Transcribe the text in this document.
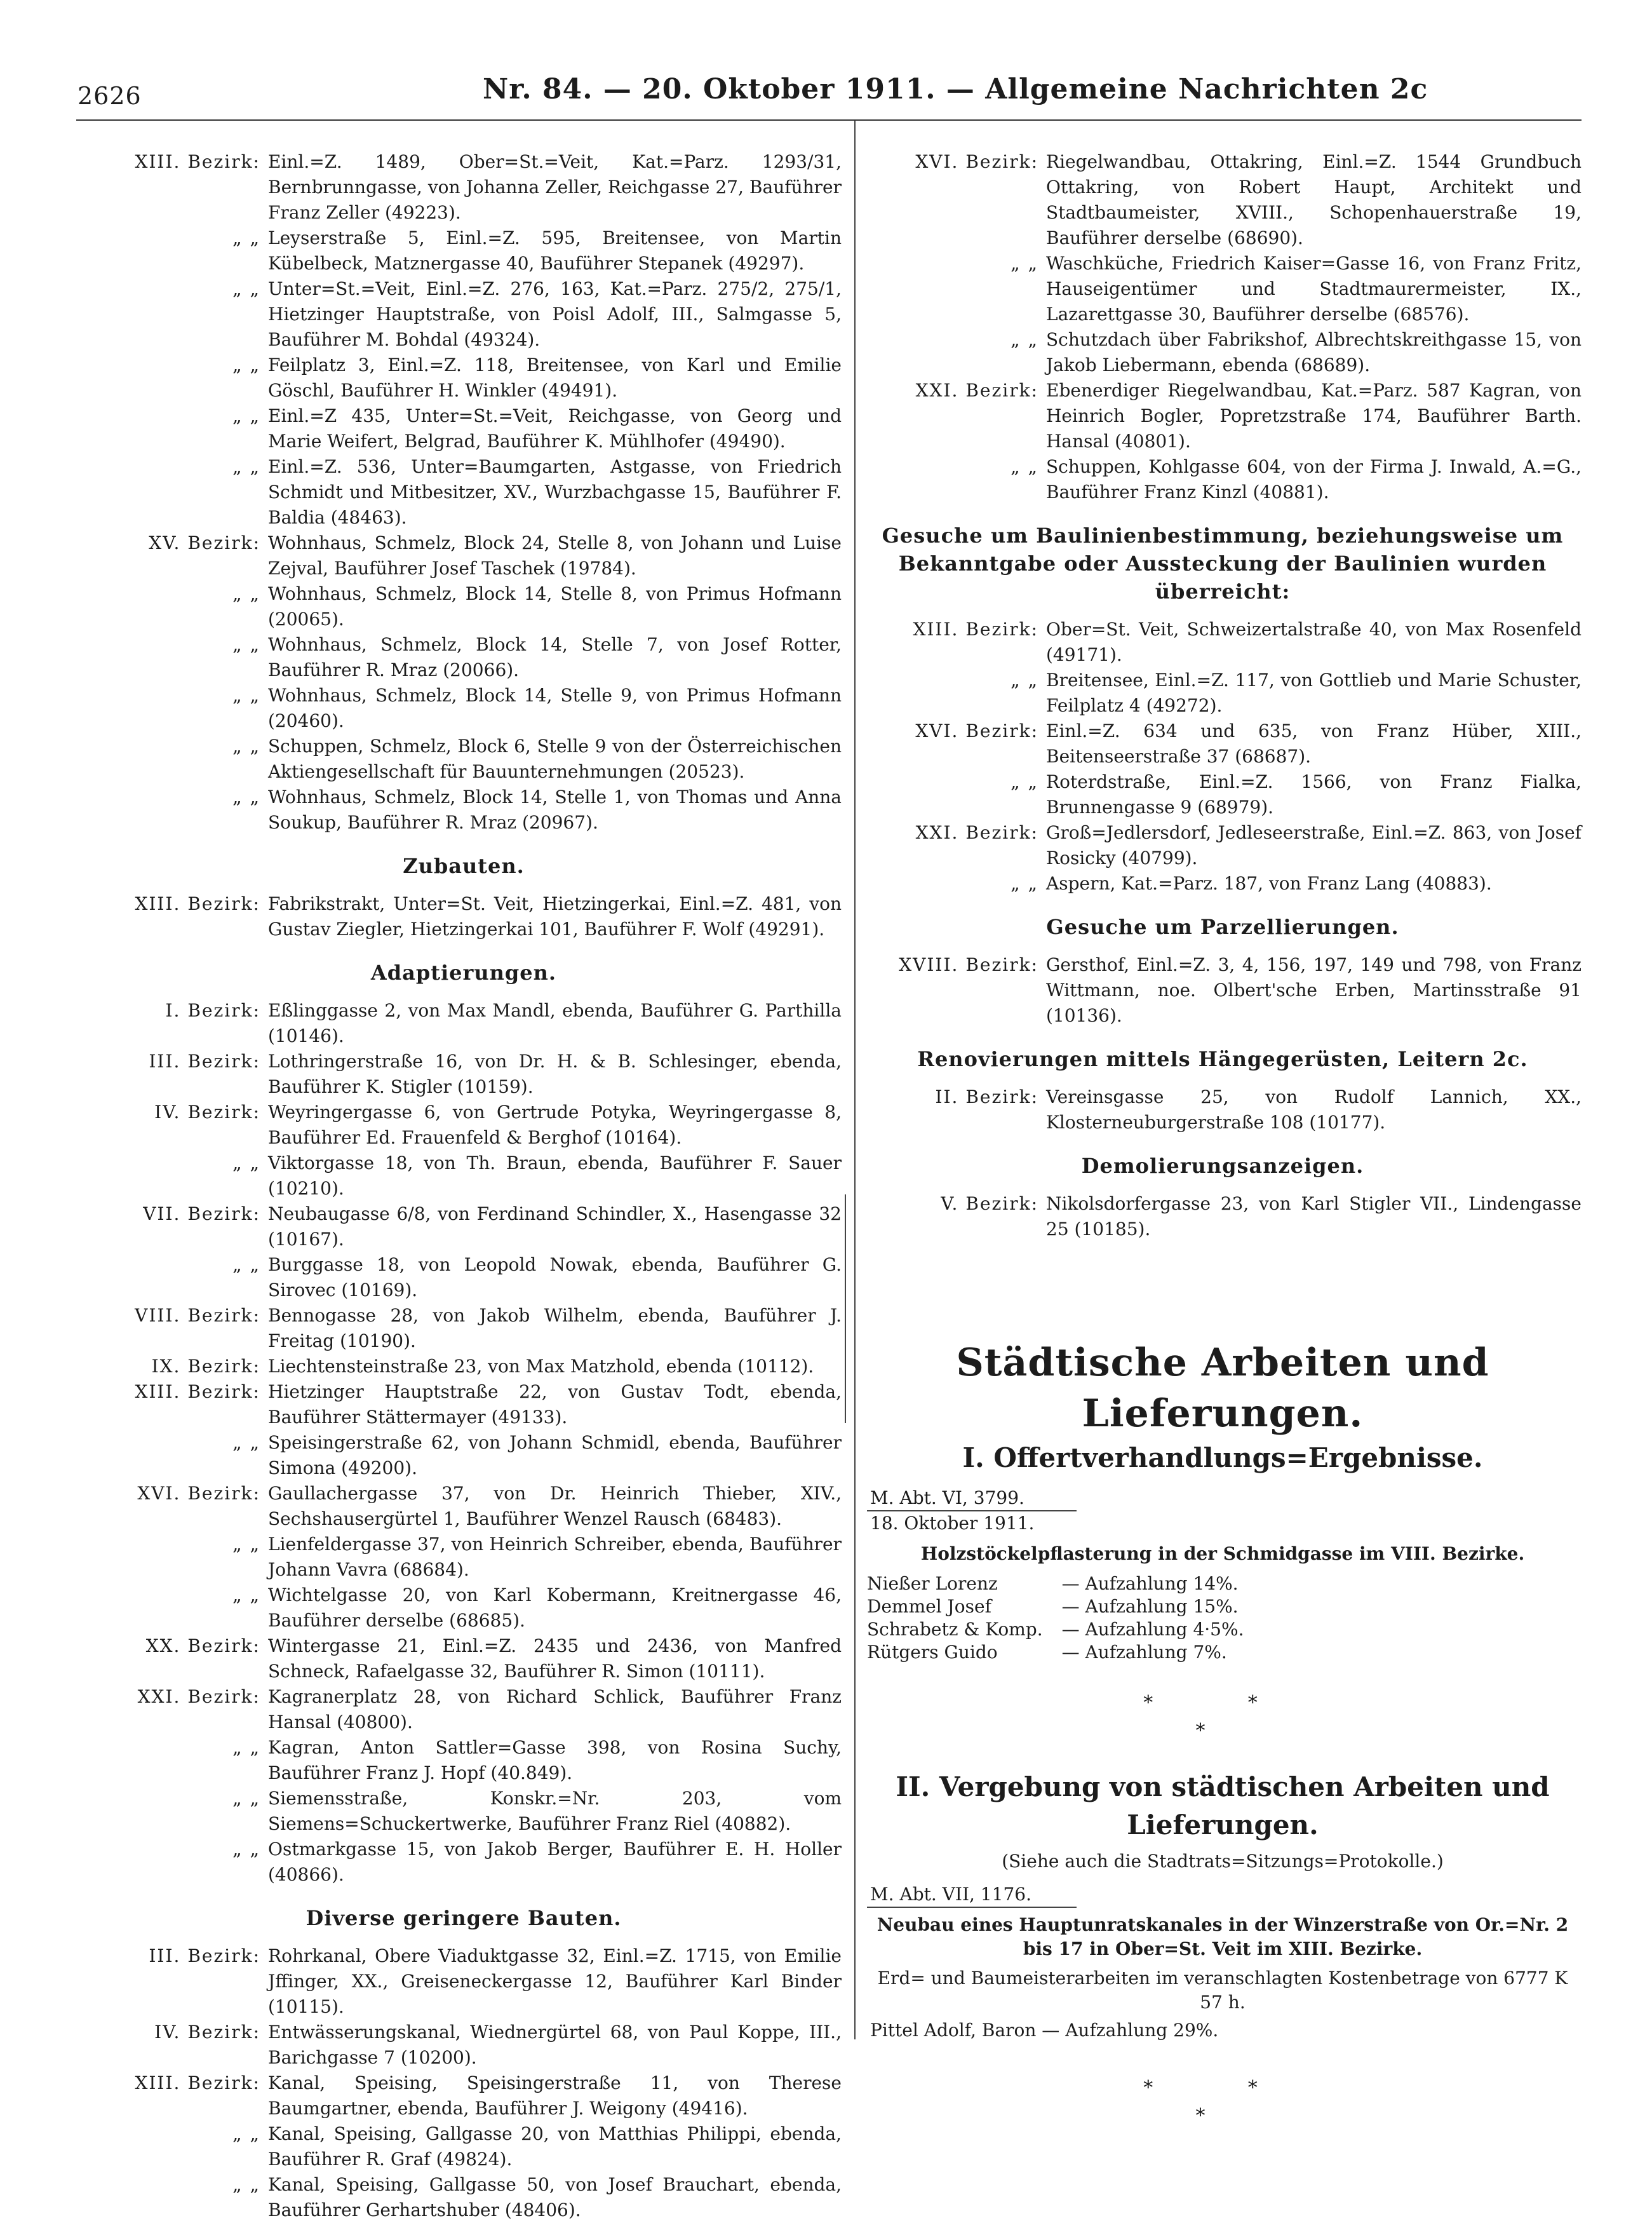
2626	Nr. 84. — 20. Oktober 1911. — Allgemeine Nachrichten 2c
XIII. Bezirk: Einl.=Z. 1489, Ober=St.=Veit, Kat.=Parz. 1293/31, Bernbrunngasse, von Johanna Zeller, Reichgasse 27, Bauführer Franz Zeller (49223).
„ „ Leyserstraße 5, Einl.=Z. 595, Breitensee, von Martin Kübelbeck, Matznergasse 40, Bauführer Stepanek (49297).
„ „ Unter=St.=Veit, Einl.=Z. 276, 163, Kat.=Parz. 275/2, 275/1, Hietzinger Hauptstraße, von Poisl Adolf, III., Salmgasse 5, Bauführer M. Bohdal (49324).
„ „ Feilplatz 3, Einl.=Z. 118, Breitensee, von Karl und Emilie Göschl, Bauführer H. Winkler (49491).
„ „ Einl.=Z 435, Unter=St.=Veit, Reichgasse, von Georg und Marie Weifert, Belgrad, Bauführer K. Mühlhofer (49490).
„ „ Einl.=Z. 536, Unter=Baumgarten, Astgasse, von Friedrich Schmidt und Mitbesitzer, XV., Wurzbachgasse 15, Bauführer F. Baldia (48463).
XV. Bezirk: Wohnhaus, Schmelz, Block 24, Stelle 8, von Johann und Luise Zejval, Bauführer Josef Taschek (19784).
„ „ Wohnhaus, Schmelz, Block 14, Stelle 8, von Primus Hofmann (20065).
„ „ Wohnhaus, Schmelz, Block 14, Stelle 7, von Josef Rotter, Bauführer R. Mraz (20066).
„ „ Wohnhaus, Schmelz, Block 14, Stelle 9, von Primus Hofmann (20460).
„ „ Schuppen, Schmelz, Block 6, Stelle 9 von der Österreichischen Aktiengesellschaft für Bauunternehmungen (20523).
„ „ Wohnhaus, Schmelz, Block 14, Stelle 1, von Thomas und Anna Soukup, Bauführer R. Mraz (20967).
Zubauten.
XIII. Bezirk: Fabrikstrakt, Unter=St. Veit, Hietzingerkai, Einl.=Z. 481, von Gustav Ziegler, Hietzingerkai 101, Bauführer F. Wolf (49291).
Adaptierungen.
I. Bezirk: Eßlinggasse 2, von Max Mandl, ebenda, Bauführer G. Parthilla (10146).
III. Bezirk: Lothringerstraße 16, von Dr. H. & B. Schlesinger, ebenda, Bauführer K. Stigler (10159).
IV. Bezirk: Weyringergasse 6, von Gertrude Potyka, Weyringergasse 8, Bauführer Ed. Frauenfeld & Berghof (10164).
„ „ Viktorgasse 18, von Th. Braun, ebenda, Bauführer F. Sauer (10210).
VII. Bezirk: Neubaugasse 6/8, von Ferdinand Schindler, X., Hasengasse 32 (10167).
„ „ Burggasse 18, von Leopold Nowak, ebenda, Bauführer G. Sirovec (10169).
VIII. Bezirk: Bennogasse 28, von Jakob Wilhelm, ebenda, Bauführer J. Freitag (10190).
IX. Bezirk: Liechtensteinstraße 23, von Max Matzhold, ebenda (10112).
XIII. Bezirk: Hietzinger Hauptstraße 22, von Gustav Todt, ebenda, Bauführer Stättermayer (49133).
„ „ Speisingerstraße 62, von Johann Schmidl, ebenda, Bauführer Simona (49200).
XVI. Bezirk: Gaullachergasse 37, von Dr. Heinrich Thieber, XIV., Sechshausergürtel 1, Bauführer Wenzel Rausch (68483).
„ „ Lienfeldergasse 37, von Heinrich Schreiber, ebenda, Bauführer Johann Vavra (68684).
„ „ Wichtelgasse 20, von Karl Kobermann, Kreitnergasse 46, Bauführer derselbe (68685).
XX. Bezirk: Wintergasse 21, Einl.=Z. 2435 und 2436, von Manfred Schneck, Rafaelgasse 32, Bauführer R. Simon (10111).
XXI. Bezirk: Kagranerplatz 28, von Richard Schlick, Bauführer Franz Hansal (40800).
„ „ Kagran, Anton Sattler=Gasse 398, von Rosina Suchy, Bauführer Franz J. Hopf (40.849).
„ „ Siemensstraße, Konskr.=Nr. 203, vom Siemens=Schuckertwerke, Bauführer Franz Riel (40882).
„ „ Ostmarkgasse 15, von Jakob Berger, Bauführer E. H. Holler (40866).
Diverse geringere Bauten.
III. Bezirk: Rohrkanal, Obere Viaduktgasse 32, Einl.=Z. 1715, von Emilie Jffinger, XX., Greiseneckergasse 12, Bauführer Karl Binder (10115).
IV. Bezirk: Entwässerungskanal, Wiednergürtel 68, von Paul Koppe, III., Barichgasse 7 (10200).
XIII. Bezirk: Kanal, Speising, Speisingerstraße 11, von Therese Baumgartner, ebenda, Bauführer J. Weigony (49416).
„ „ Kanal, Speising, Gallgasse 20, von Matthias Philippi, ebenda, Bauführer R. Graf (49824).
„ „ Kanal, Speising, Gallgasse 50, von Josef Brauchart, ebenda, Bauführer Gerhartshuber (48406).
XVI. Bezirk: Riegelwandbau, Ottakring, Einl.=Z. 1544 Grundbuch Ottakring, von Robert Haupt, Architekt und Stadtbaumeister, XVIII., Schopenhauerstraße 19, Bauführer derselbe (68690).
„ „ Waschküche, Friedrich Kaiser=Gasse 16, von Franz Fritz, Hauseigentümer und Stadtmaurermeister, IX., Lazarettgasse 30, Bauführer derselbe (68576).
„ „ Schutzdach über Fabrikshof, Albrechtskreithgasse 15, von Jakob Liebermann, ebenda (68689).
XXI. Bezirk: Ebenerdiger Riegelwandbau, Kat.=Parz. 587 Kagran, von Heinrich Bogler, Popretzstraße 174, Bauführer Barth. Hansal (40801).
„ „ Schuppen, Kohlgasse 604, von der Firma J. Inwald, A.=G., Bauführer Franz Kinzl (40881).
Gesuche um Baulinienbestimmung, beziehungsweise um Bekanntgabe oder Aussteckung der Baulinien wurden überreicht:
XIII. Bezirk: Ober=St. Veit, Schweizertalstraße 40, von Max Rosenfeld (49171).
„ „ Breitensee, Einl.=Z. 117, von Gottlieb und Marie Schuster, Feilplatz 4 (49272).
XVI. Bezirk: Einl.=Z. 634 und 635, von Franz Hüber, XIII., Beitenseerstraße 37 (68687).
„ „ Roterdstraße, Einl.=Z. 1566, von Franz Fialka, Brunnengasse 9 (68979).
XXI. Bezirk: Groß=Jedlersdorf, Jedleseerstraße, Einl.=Z. 863, von Josef Rosicky (40799).
„ „ Aspern, Kat.=Parz. 187, von Franz Lang (40883).
Gesuche um Parzellierungen.
XVIII. Bezirk: Gersthof, Einl.=Z. 3, 4, 156, 197, 149 und 798, von Franz Wittmann, noe. Olbert'sche Erben, Martinsstraße 91 (10136).
Renovierungen mittels Hängegerüsten, Leitern 2c.
II. Bezirk: Vereinsgasse 25, von Rudolf Lannich, XX., Klosterneuburgerstraße 108 (10177).
Demolierungsanzeigen.
V. Bezirk: Nikolsdorfergasse 23, von Karl Stigler VII., Lindengasse 25 (10185).
Städtische Arbeiten und Lieferungen.
I. Offertverhandlungs=Ergebnisse.
M. Abt. VI, 3799.
18. Oktober 1911.
Holzstöckelpflasterung in der Schmidgasse im VIII. Bezirke.
Nießer Lorenz	— Aufzahlung 14%.
Demmel Josef	— Aufzahlung 15%.
Schrabetz & Komp.	— Aufzahlung 4·5%.
Rütgers Guido	— Aufzahlung 7%.
* *
*
II. Vergebung von städtischen Arbeiten und Lieferungen.
(Siehe auch die Stadtrats=Sitzungs=Protokolle.)
M. Abt. VII, 1176.
Neubau eines Hauptunratskanales in der Winzerstraße von Or.=Nr. 2 bis 17 in Ober=St. Veit im XIII. Bezirke.
Erd= und Baumeisterarbeiten im veranschlagten Kostenbetrage von 6777 K 57 h.
Pittel Adolf, Baron — Aufzahlung 29%.
* *
*
